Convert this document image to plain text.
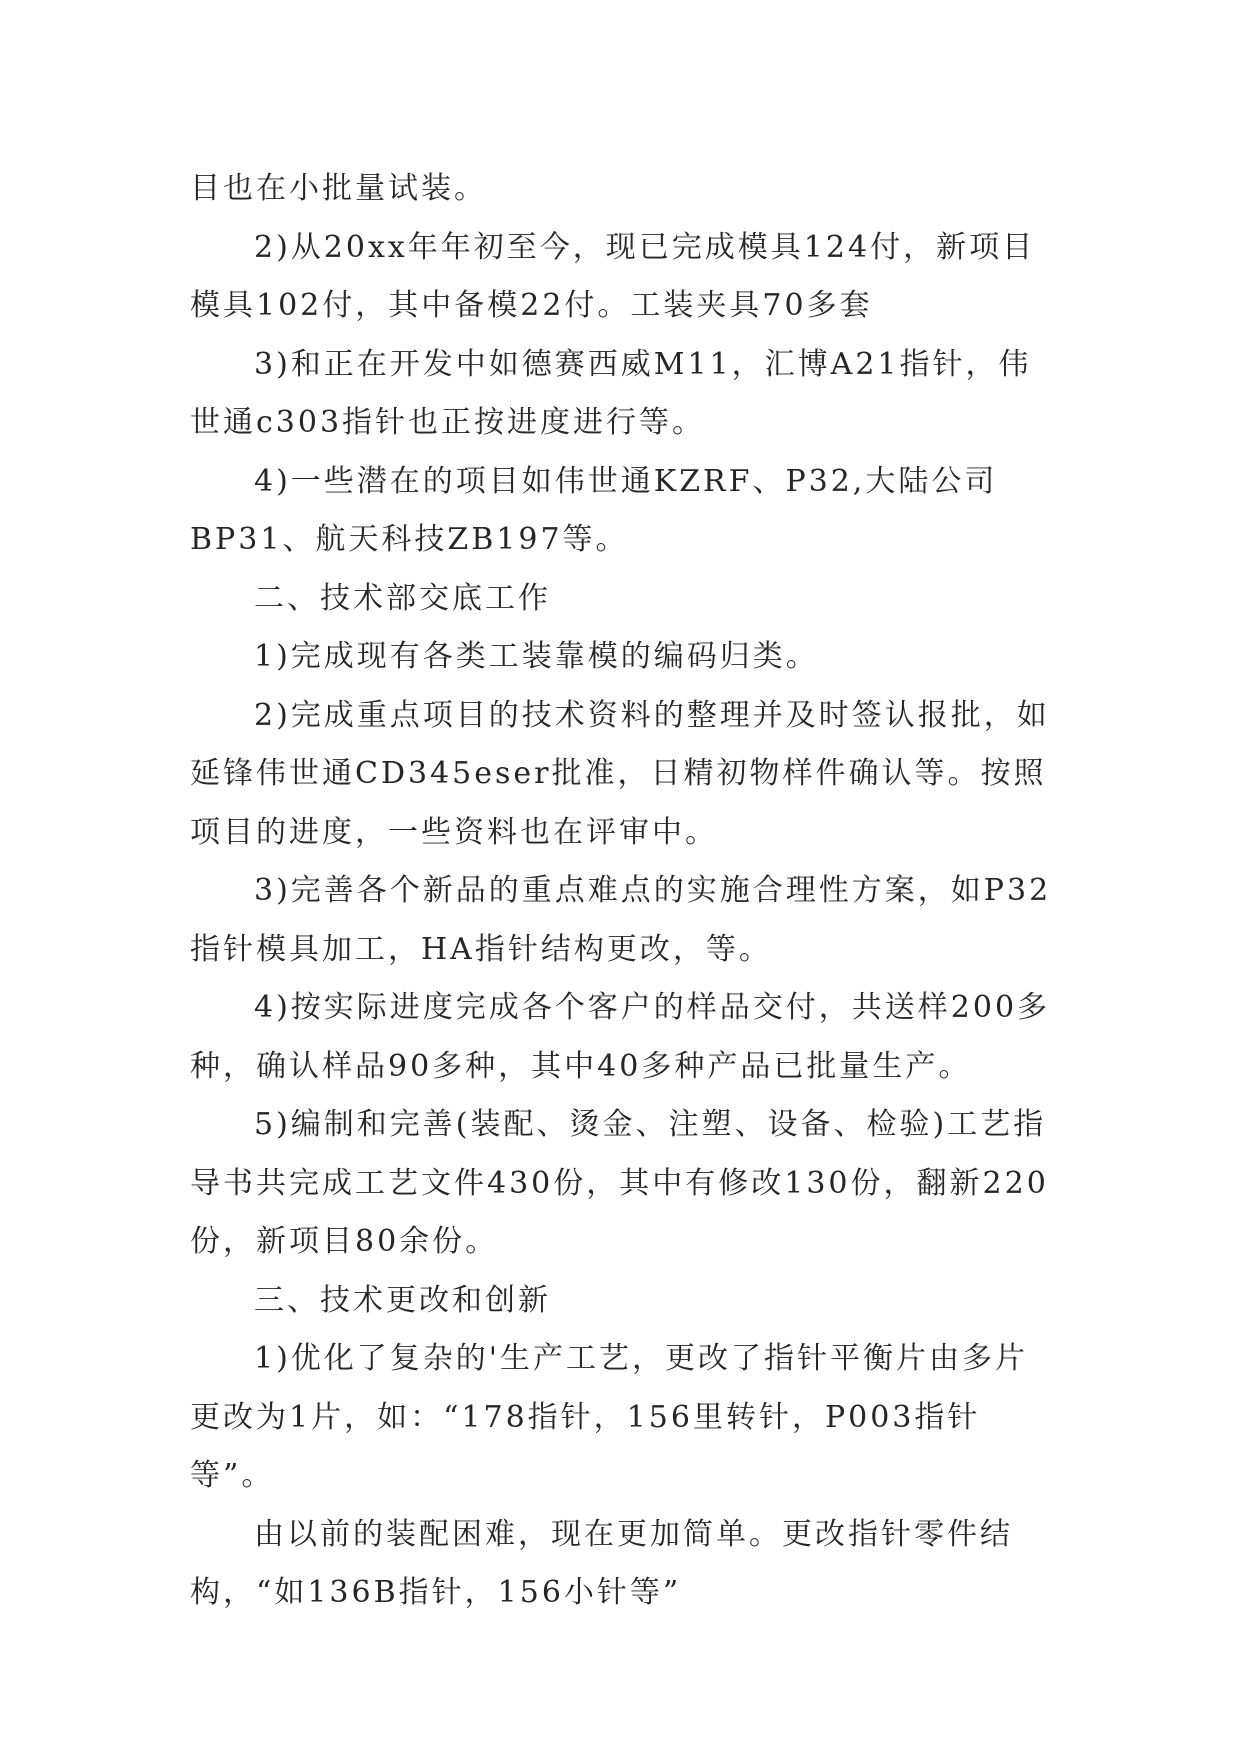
目也在小批量试装。

2)从20xx年年初至今，现已完成模具124付，新项目模具102付，其中备模22付。工装夹具70多套

3)和正在开发中如德赛西威M11，汇博A21指针，伟世通c303指针也正按进度进行等。

4)一些潜在的项目如伟世通KZRF、P32,大陆公司BP31、航天科技ZB197等。

二、技术部交底工作

1)完成现有各类工装靠模的编码归类。

2)完成重点项目的技术资料的整理并及时签认报批，如延锋伟世通CD345eser批准，日精初物样件确认等。按照项目的进度，一些资料也在评审中。

3)完善各个新品的重点难点的实施合理性方案，如P32指针模具加工，HA指针结构更改，等。

4)按实际进度完成各个客户的样品交付，共送样200多种，确认样品90多种，其中40多种产品已批量生产。

5)编制和完善(装配、烫金、注塑、设备、检验)工艺指导书共完成工艺文件430份，其中有修改130份，翻新220份，新项目80余份。

三、技术更改和创新

1)优化了复杂的'生产工艺，更改了指针平衡片由多片更改为1片，如：“178指针，156里转针，P003指针等”。

由以前的装配困难，现在更加简单。更改指针零件结构，“如136B指针，156小针等”
